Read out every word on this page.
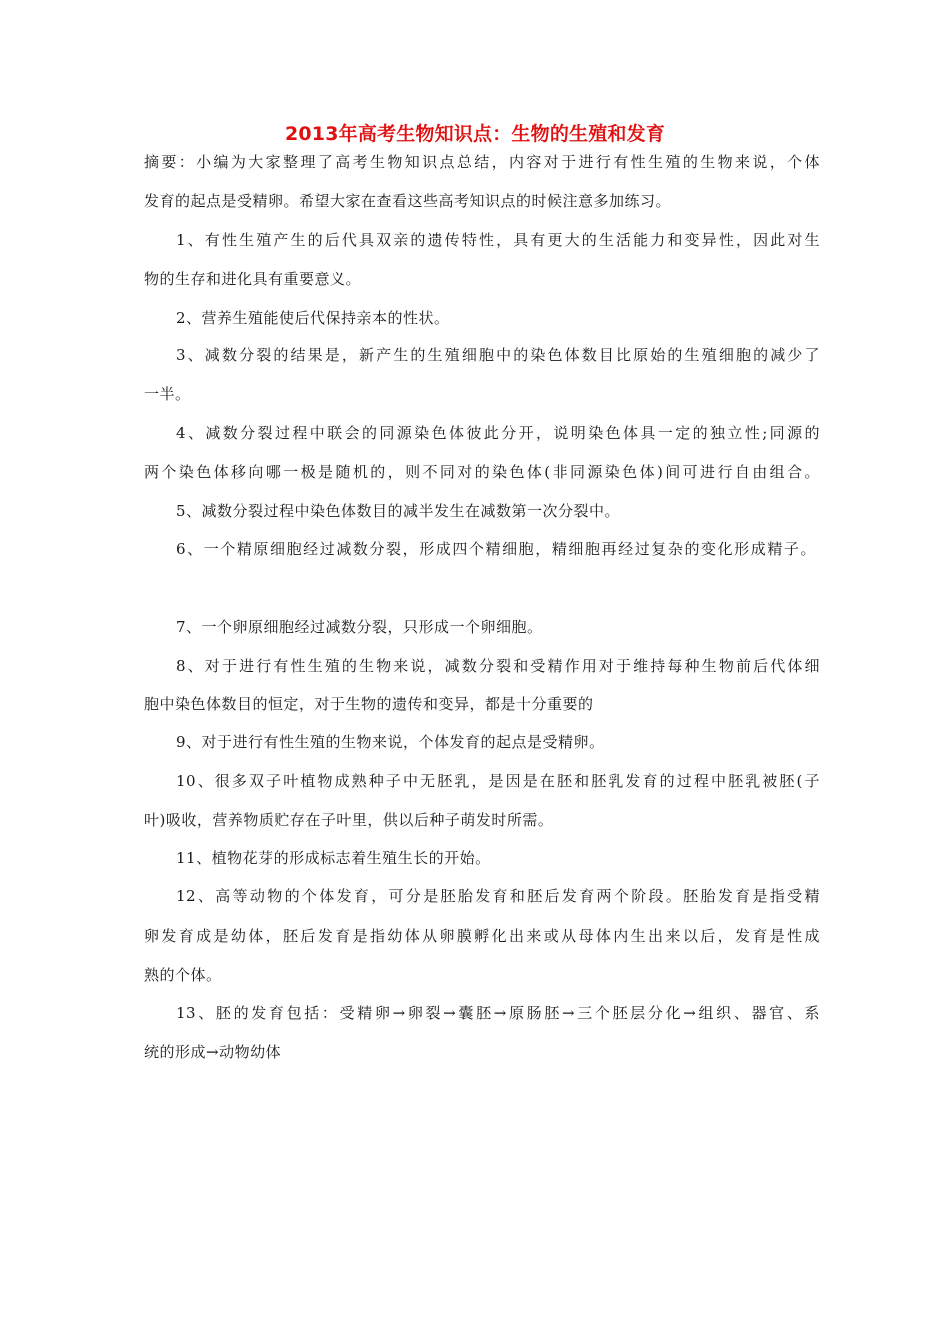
2013年高考生物知识点：生物的生殖和发育
摘要：小编为大家整理了高考生物知识点总结，内容对于进行有性生殖的生物来说，个体
发育的起点是受精卵。希望大家在查看这些高考知识点的时候注意多加练习。
1、有性生殖产生的后代具双亲的遗传特性，具有更大的生活能力和变异性，因此对生
物的生存和进化具有重要意义。
2、营养生殖能使后代保持亲本的性状。
3、减数分裂的结果是，新产生的生殖细胞中的染色体数目比原始的生殖细胞的减少了
一半。
4、减数分裂过程中联会的同源染色体彼此分开，说明染色体具一定的独立性;同源的
两个染色体移向哪一极是随机的，则不同对的染色体(非同源染色体)间可进行自由组合。
5、减数分裂过程中染色体数目的减半发生在减数第一次分裂中。
6、一个精原细胞经过减数分裂，形成四个精细胞，精细胞再经过复杂的变化形成精子。
7、一个卵原细胞经过减数分裂，只形成一个卵细胞。
8、对于进行有性生殖的生物来说，减数分裂和受精作用对于维持每种生物前后代体细
胞中染色体数目的恒定，对于生物的遗传和变异，都是十分重要的
9、对于进行有性生殖的生物来说，个体发育的起点是受精卵。
10、很多双子叶植物成熟种子中无胚乳，是因是在胚和胚乳发育的过程中胚乳被胚(子
叶)吸收，营养物质贮存在子叶里，供以后种子萌发时所需。
11、植物花芽的形成标志着生殖生长的开始。
12、高等动物的个体发育，可分是胚胎发育和胚后发育两个阶段。胚胎发育是指受精
卵发育成是幼体，胚后发育是指幼体从卵膜孵化出来或从母体内生出来以后，发育是性成
熟的个体。
13、胚的发育包括：受精卵→卵裂→囊胚→原肠胚→三个胚层分化→组织、器官、系
统的形成→动物幼体
